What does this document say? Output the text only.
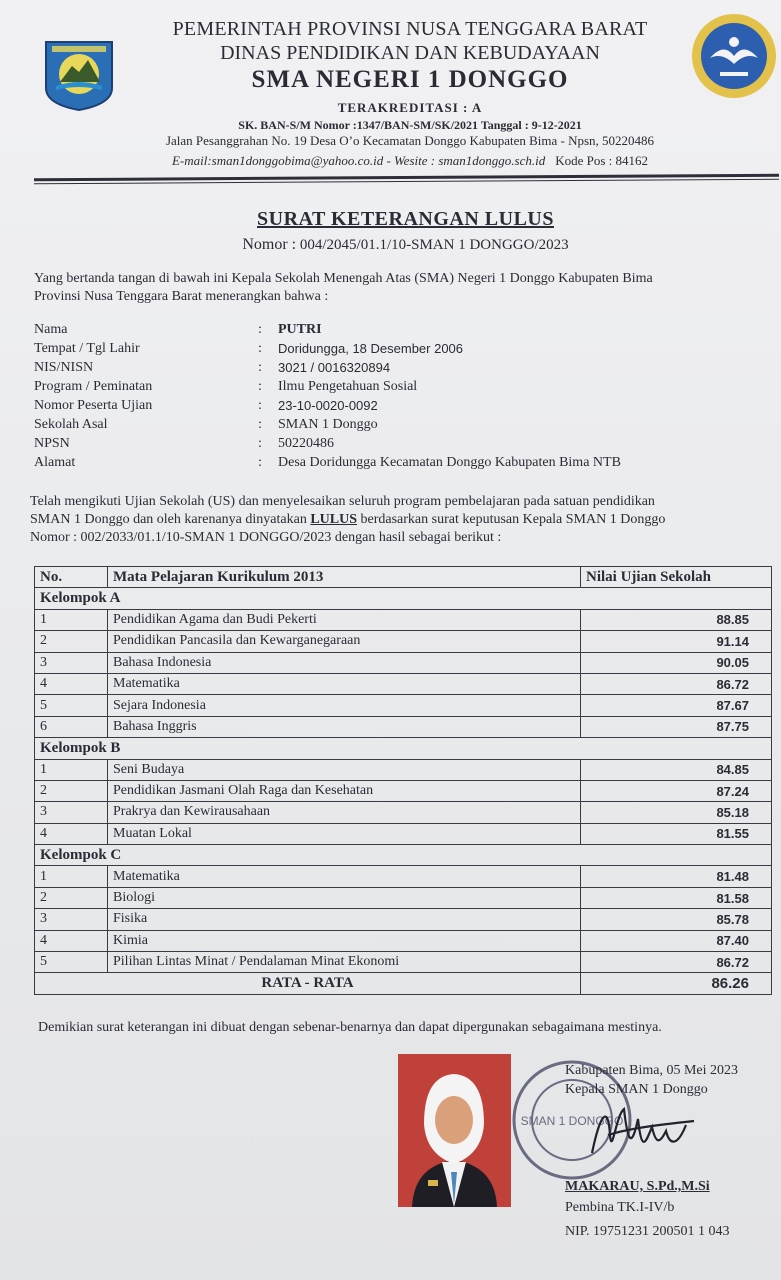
PEMERINTAH PROVINSI NUSA TENGGARA BARAT
DINAS PENDIDIKAN DAN KEBUDAYAAN
SMA NEGERI 1 DONGGO
TERAKREDITASI : A
SK. BAN-S/M Nomor :1347/BAN-SM/SK/2021 Tanggal : 9-12-2021
Jalan Pesanggrahan No. 19 Desa O’o Kecamatan Donggo Kabupaten Bima - Npsn, 50220486
E-mail:sman1donggobima@yahoo.co.id - Wesite : sman1donggo.sch.id Kode Pos : 84162
SURAT KETERANGAN LULUS
Nomor : 004/2045/01.1/10-SMAN 1 DONGGO/2023
Yang bertanda tangan di bawah ini Kepala Sekolah Menengah Atas (SMA) Negeri 1 Donggo Kabupaten Bima
Provinsi Nusa Tenggara Barat menerangkan bahwa :
Nama	: PUTRI
Tempat / Tgl Lahir	: Doridungga, 18 Desember 2006
NIS/NISN	: 3021 / 0016320894
Program / Peminatan	: Ilmu Pengetahuan Sosial
Nomor Peserta Ujian	: 23-10-0020-0092
Sekolah Asal	: SMAN 1 Donggo
NPSN	: 50220486
Alamat	: Desa Doridungga Kecamatan Donggo Kabupaten Bima NTB
Telah mengikuti Ujian Sekolah (US) dan menyelesaikan seluruh program pembelajaran pada satuan pendidikan
SMAN 1 Donggo dan oleh karenanya dinyatakan LULUS berdasarkan surat keputusan Kepala SMAN 1 Donggo
Nomor : 002/2033/01.1/10-SMAN 1 DONGGO/2023 dengan hasil sebagai berikut :
No.	Mata Pelajaran Kurikulum 2013	Nilai Ujian Sekolah
Kelompok A		
1	Pendidikan Agama dan Budi Pekerti	88.85
2	Pendidikan Pancasila dan Kewarganegaraan	91.14
3	Bahasa Indonesia	90.05
4	Matematika	86.72
5	Sejara Indonesia	87.67
6	Bahasa Inggris	87.75
Kelompok B		
1	Seni Budaya	84.85
2	Pendidikan Jasmani Olah Raga dan Kesehatan	87.24
3	Prakrya dan Kewirausahaan	85.18
4	Muatan Lokal	81.55
Kelompok C		
1	Matematika	81.48
2	Biologi	81.58
3	Fisika	85.78
4	Kimia	87.40
5	Pilihan Lintas Minat / Pendalaman Minat Ekonomi	86.72
RATA - RATA		86.26
Demikian surat keterangan ini dibuat dengan sebenar-benarnya dan dapat dipergunakan sebagaimana mestinya.
SMAN 1 DONGGO
Kabupaten Bima, 05 Mei 2023
Kepala SMAN 1 Donggo
MAKARAU, S.Pd.,M.Si
Pembina TK.I-IV/b
NIP. 19751231 200501 1 043
